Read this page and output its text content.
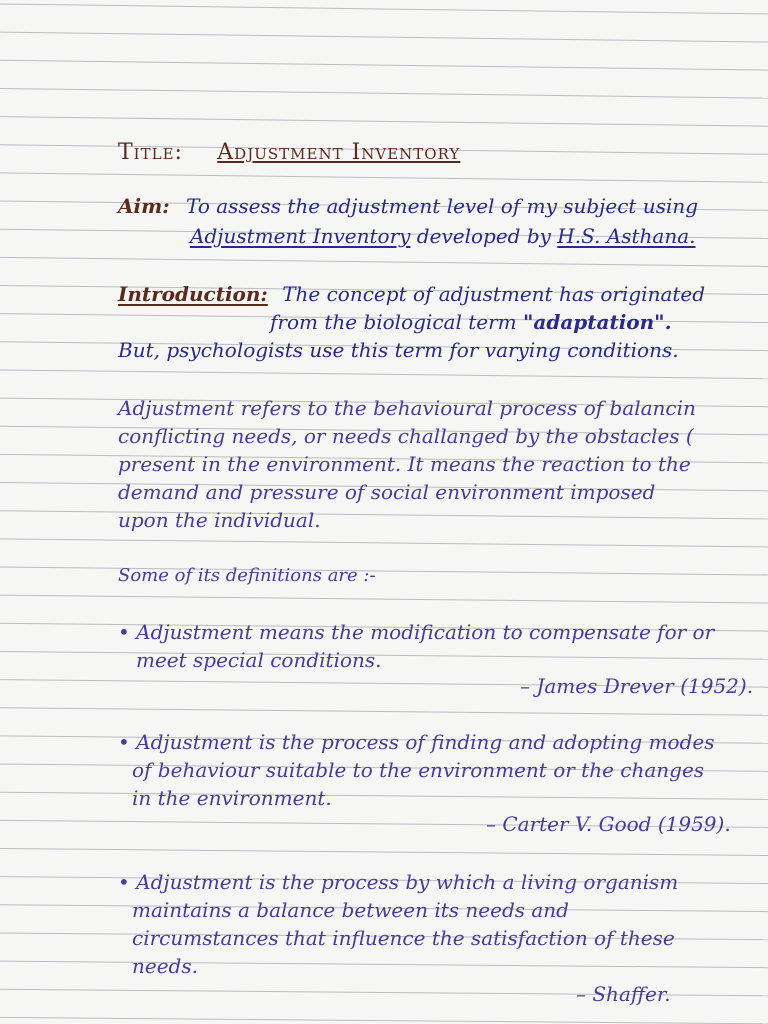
Title: Adjustment Inventory
Aim: To assess the adjustment level of my subject using
Adjustment Inventory developed by H.S. Asthana.
Introduction: The concept of adjustment has originated
from the biological term "adaptation".
But, psychologists use this term for varying conditions.
Adjustment refers to the behavioural process of balancin
conflicting needs, or needs challanged by the obstacles (
present in the environment. It means the reaction to the
demand and pressure of social environment imposed
upon the individual.
Some of its definitions are :-
• Adjustment means the modification to compensate for or
meet special conditions.
– James Drever (1952).
• Adjustment is the process of finding and adopting modes
of behaviour suitable to the environment or the changes
in the environment.
– Carter V. Good (1959).
• Adjustment is the process by which a living organism
maintains a balance between its needs and
circumstances that influence the satisfaction of these
needs.
– Shaffer.
